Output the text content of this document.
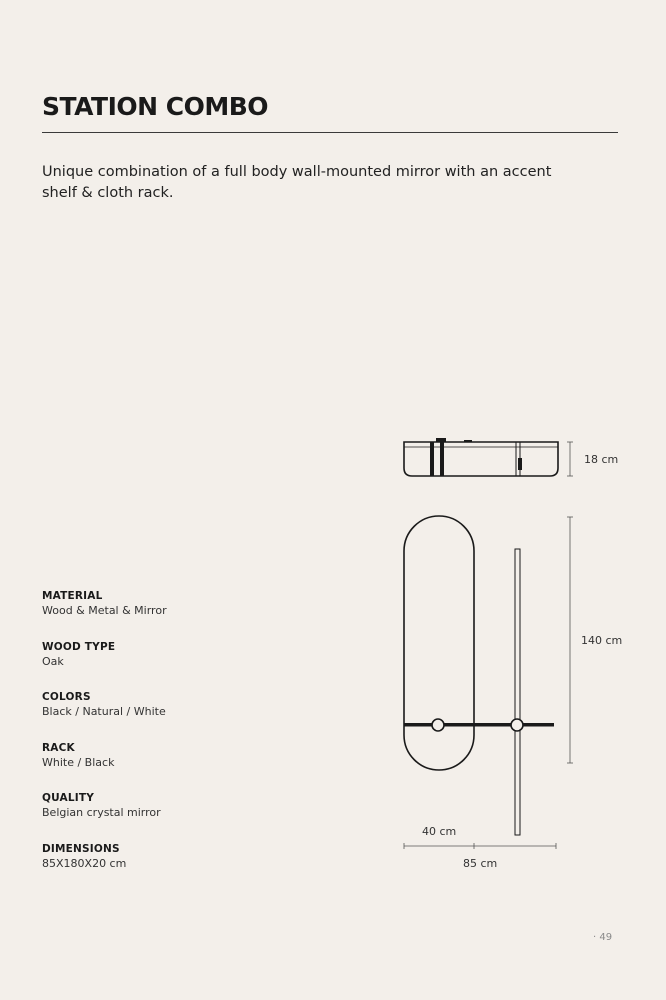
STATION COMBO

Unique combination of a full body wall-mounted mirror with an accent shelf & cloth rack.

MATERIAL
Wood & Metal & Mirror
WOOD TYPE
Oak
COLORS
Black / Natural / White
RACK
White / Black
QUALITY
Belgian crystal mirror
DIMENSIONS
85X180X20 cm
18 cm
140 cm
40 cm
85 cm
· 49
